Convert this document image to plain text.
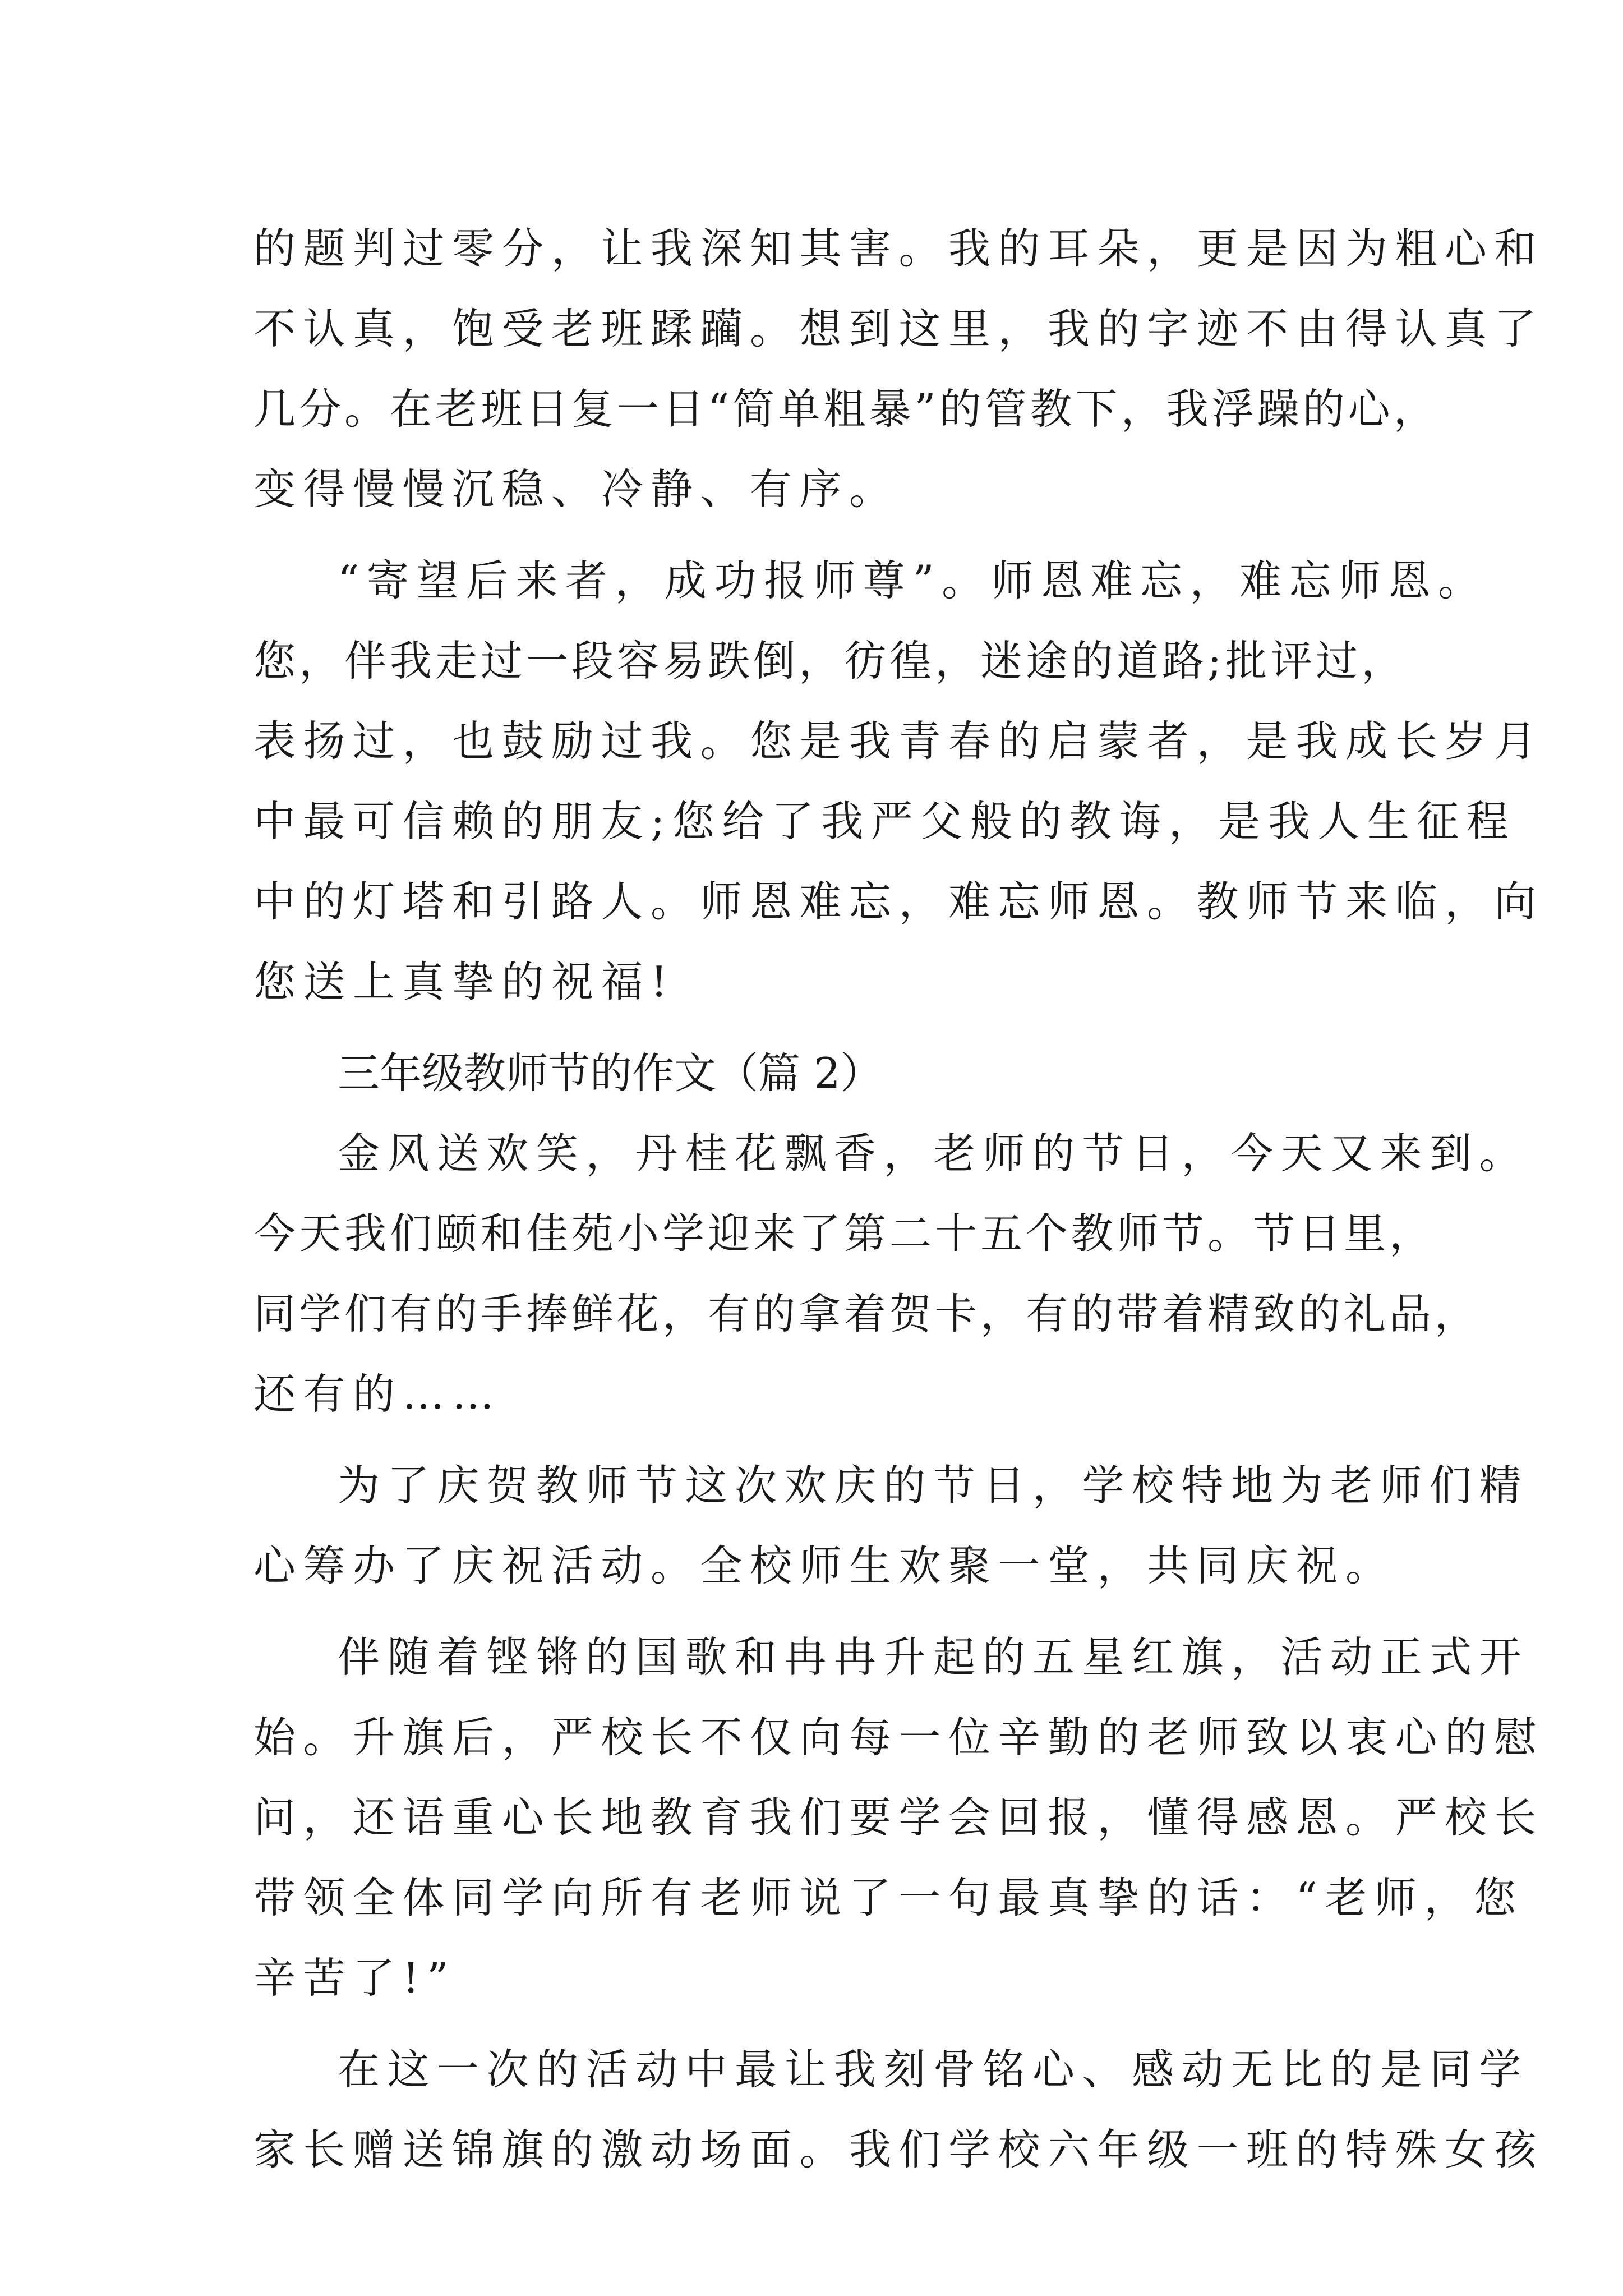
的题判过零分，让我深知其害。我的耳朵，更是因为粗心和
不认真，饱受老班蹂躏。想到这里，我的字迹不由得认真了
几分。在老班日复一日“简单粗暴”的管教下，我浮躁的心，
变得慢慢沉稳、冷静、有序。
“寄望后来者，成功报师尊”。师恩难忘，难忘师恩。
您，伴我走过一段容易跌倒，彷徨，迷途的道路;批评过，
表扬过，也鼓励过我。您是我青春的启蒙者，是我成长岁月
中最可信赖的朋友;您给了我严父般的教诲，是我人生征程
中的灯塔和引路人。师恩难忘，难忘师恩。教师节来临，向
您送上真挚的祝福!
三年级教师节的作文（篇 2）
金风送欢笑，丹桂花飘香，老师的节日，今天又来到。
今天我们颐和佳苑小学迎来了第二十五个教师节。节日里，
同学们有的手捧鲜花，有的拿着贺卡，有的带着精致的礼品，
还有的……
为了庆贺教师节这次欢庆的节日，学校特地为老师们精
心筹办了庆祝活动。全校师生欢聚一堂，共同庆祝。
伴随着铿锵的国歌和冉冉升起的五星红旗，活动正式开
始。升旗后，严校长不仅向每一位辛勤的老师致以衷心的慰
问，还语重心长地教育我们要学会回报，懂得感恩。严校长
带领全体同学向所有老师说了一句最真挚的话：“老师，您
辛苦了!”
在这一次的活动中最让我刻骨铭心、感动无比的是同学
家长赠送锦旗的激动场面。我们学校六年级一班的特殊女孩
